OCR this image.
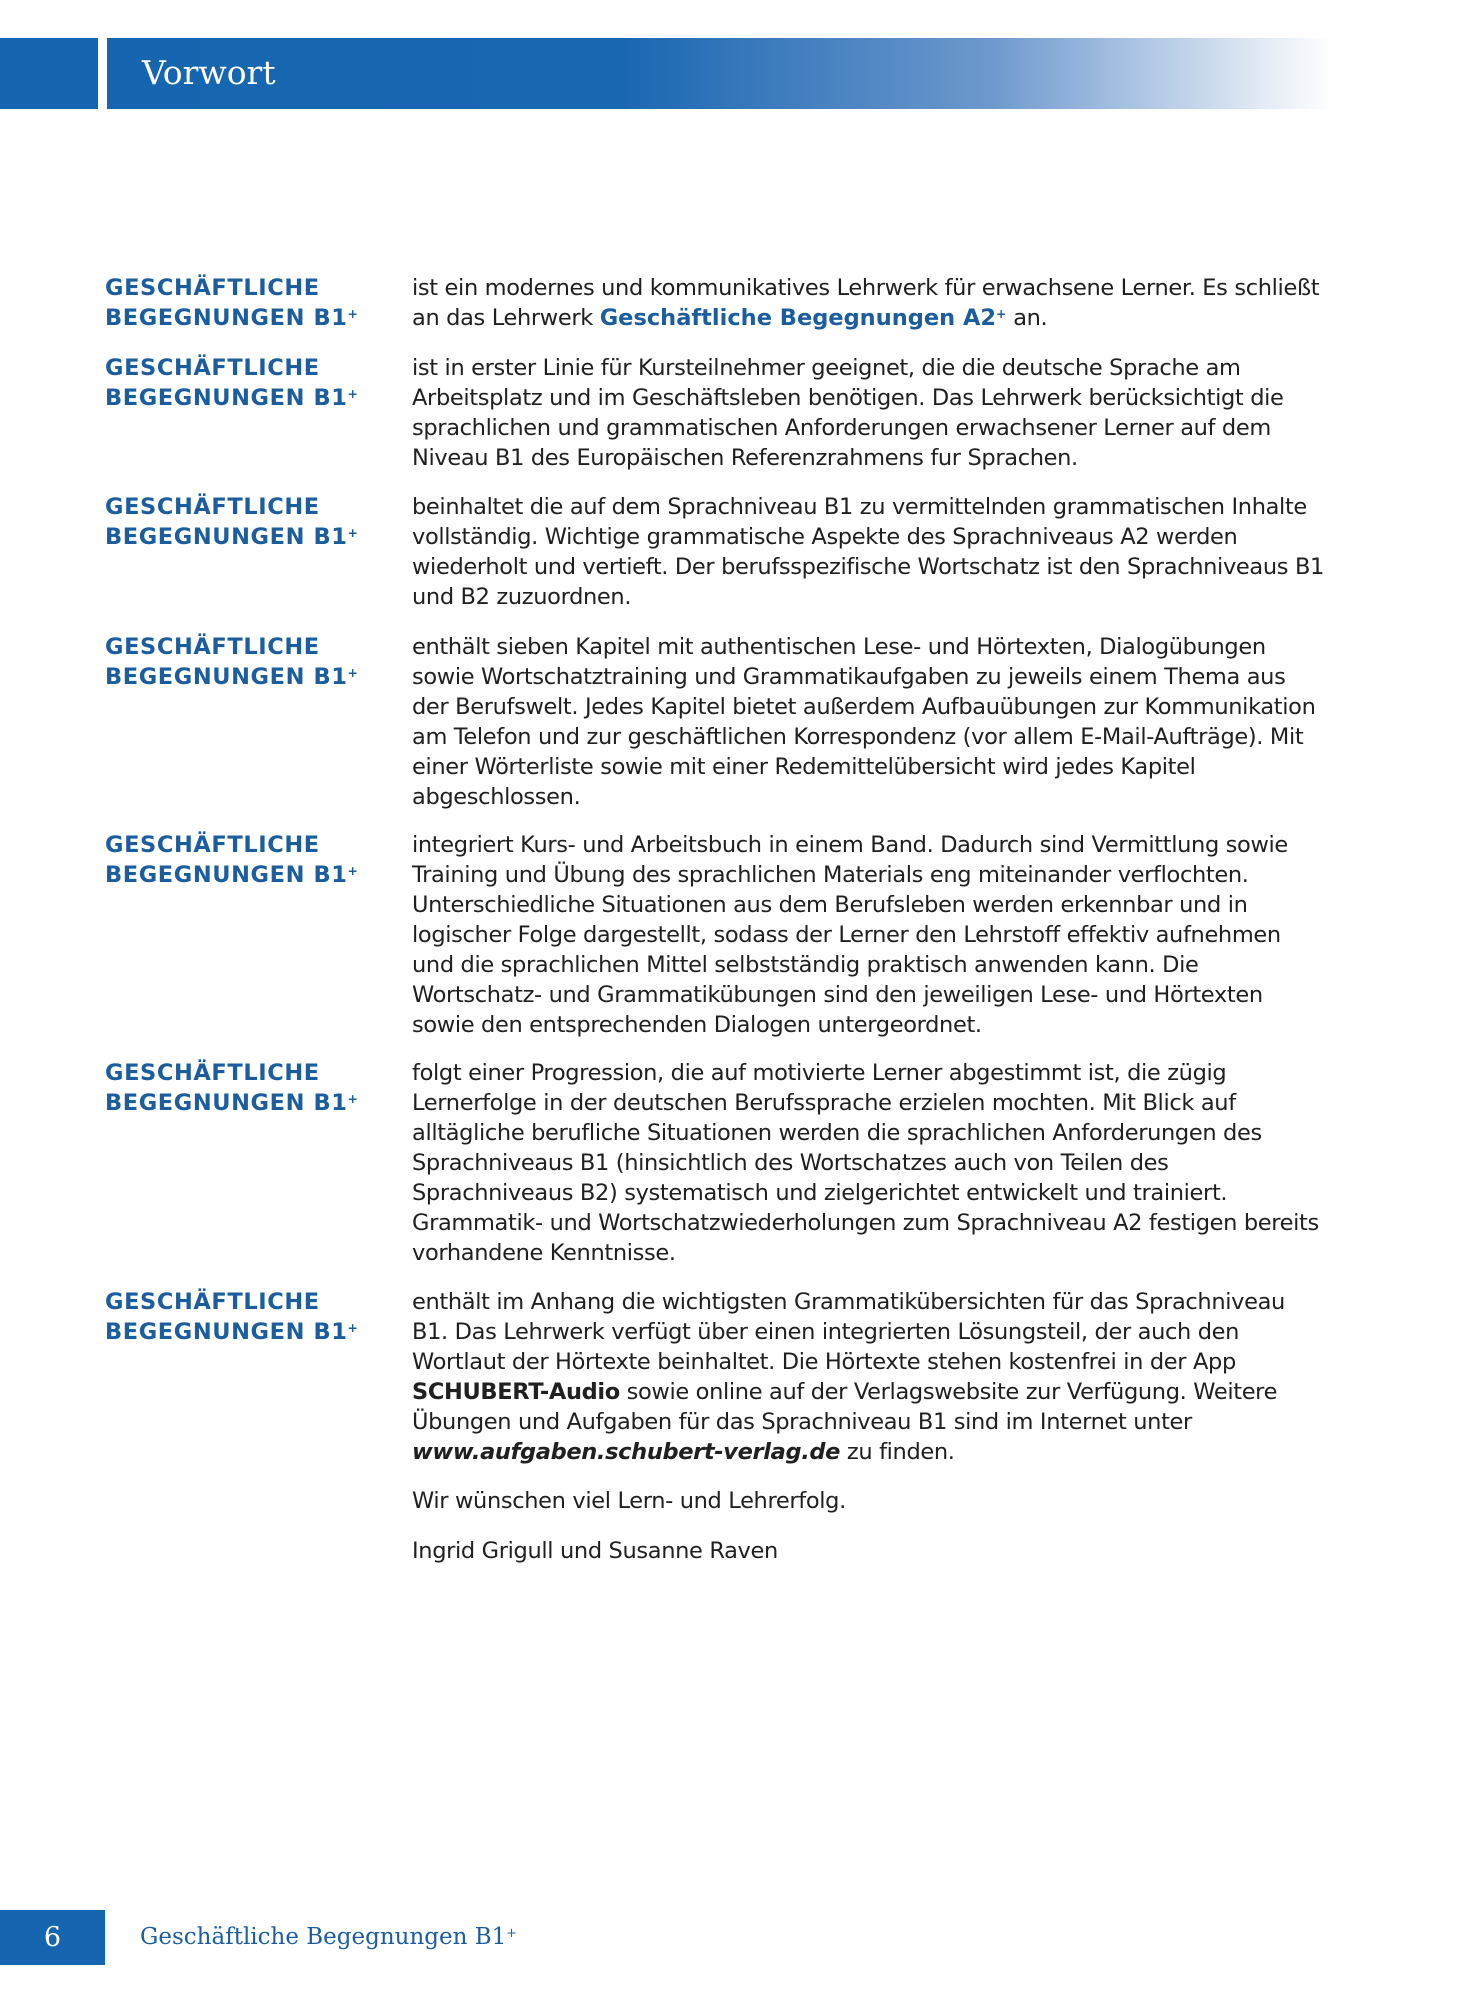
Vorwort
GESCHÄFTLICHE
BEGEGNUNGEN B1+

ist ein modernes und kommunikatives Lehrwerk für erwachsene Lerner. Es schließt an das Lehrwerk Geschäftliche Begegnungen A2+ an.

GESCHÄFTLICHE
BEGEGNUNGEN B1+

ist in erster Linie für Kursteilnehmer geeignet, die die deutsche Sprache am Arbeitsplatz und im Geschäftsleben benötigen. Das Lehrwerk berücksichtigt die sprachlichen und grammatischen Anforderungen erwachsener Lerner auf dem Niveau B1 des Europäischen Referenzrahmens fur Sprachen.

GESCHÄFTLICHE
BEGEGNUNGEN B1+

beinhaltet die auf dem Sprachniveau B1 zu vermittelnden grammatischen Inhalte vollständig. Wichtige grammatische Aspekte des Sprachniveaus A2 werden wiederholt und vertieft. Der berufsspezifische Wortschatz ist den Sprachniveaus B1 und B2 zuzuordnen.

GESCHÄFTLICHE
BEGEGNUNGEN B1+

enthält sieben Kapitel mit authentischen Lese- und Hörtexten, Dialogübungen sowie Wortschatztraining und Grammatikaufgaben zu jeweils einem Thema aus der Berufswelt. Jedes Kapitel bietet außerdem Aufbauübungen zur Kommunikation am Telefon und zur geschäftlichen Korrespondenz (vor allem E-Mail-Aufträge). Mit einer Wörterliste sowie mit einer Redemittelübersicht wird jedes Kapitel abgeschlossen.

GESCHÄFTLICHE
BEGEGNUNGEN B1+

integriert Kurs- und Arbeitsbuch in einem Band. Dadurch sind Vermittlung sowie Training und Übung des sprachlichen Materials eng miteinander verflochten. Unterschiedliche Situationen aus dem Berufsleben werden erkennbar und in logischer Folge dargestellt, sodass der Lerner den Lehrstoff effektiv aufnehmen und die sprachlichen Mittel selbstständig praktisch anwenden kann. Die Wortschatz- und Grammatikübungen sind den jeweiligen Lese- und Hörtexten sowie den entsprechenden Dialogen untergeordnet.

GESCHÄFTLICHE
BEGEGNUNGEN B1+

folgt einer Progression, die auf motivierte Lerner abgestimmt ist, die zügig Lernerfolge in der deutschen Berufssprache erzielen mochten. Mit Blick auf alltägliche berufliche Situationen werden die sprachlichen Anforderungen des Sprachniveaus B1 (hinsichtlich des Wortschatzes auch von Teilen des Sprachniveaus B2) systematisch und zielgerichtet entwickelt und trainiert. Grammatik- und Wortschatzwiederholungen zum Sprachniveau A2 festigen bereits vorhandene Kenntnisse.

GESCHÄFTLICHE
BEGEGNUNGEN B1+

enthält im Anhang die wichtigsten Grammatikübersichten für das Sprachniveau B1. Das Lehrwerk verfügt über einen integrierten Lösungsteil, der auch den Wortlaut der Hörtexte beinhaltet. Die Hörtexte stehen kostenfrei in der App SCHUBERT-Audio sowie online auf der Verlagswebsite zur Verfügung. Weitere Übungen und Aufgaben für das Sprachniveau B1 sind im Internet unter www.aufgaben.schubert-verlag.de zu finden.

Wir wünschen viel Lern- und Lehrerfolg.
Ingrid Grigull und Susanne Raven
6	Geschäftliche Begegnungen B1+
